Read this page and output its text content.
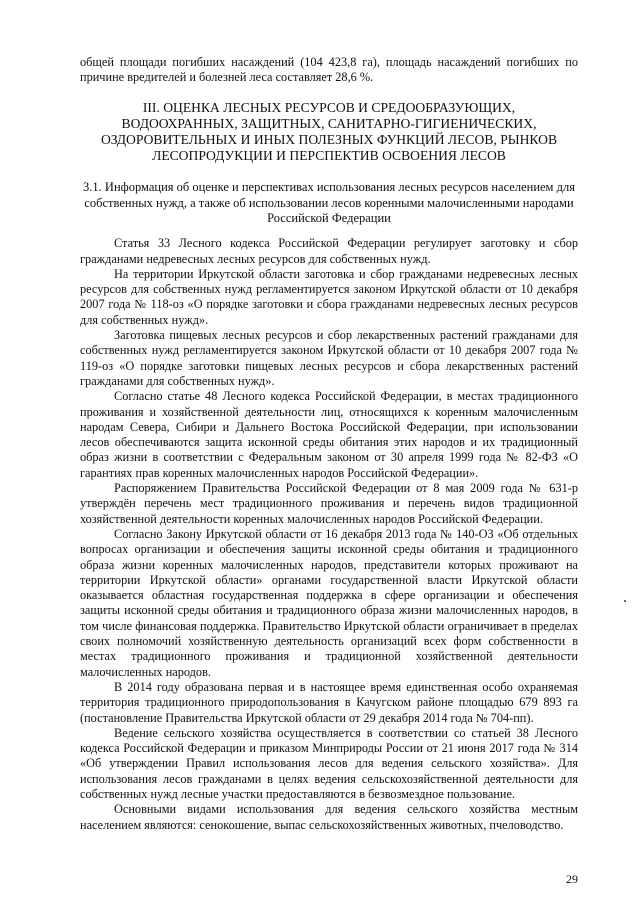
общей площади погибших насаждений (104 423,8 га), площадь насаждений погибших по причине вредителей и болезней леса составляет 28,6 %.

III. ОЦЕНКА ЛЕСНЫХ РЕСУРСОВ И СРЕДООБРАЗУЮЩИХ, ВОДООХРАННЫХ, ЗАЩИТНЫХ, САНИТАРНО-ГИГИЕНИЧЕСКИХ, ОЗДОРОВИТЕЛЬНЫХ И ИНЫХ ПОЛЕЗНЫХ ФУНКЦИЙ ЛЕСОВ, РЫНКОВ ЛЕСОПРОДУКЦИИ И ПЕРСПЕКТИВ ОСВОЕНИЯ ЛЕСОВ

3.1. Информация об оценке и перспективах использования лесных ресурсов населением для собственных нужд, а также об использовании лесов коренными малочисленными народами Российской Федерации

Статья 33 Лесного кодекса Российской Федерации регулирует заготовку и сбор гражданами недревесных лесных ресурсов для собственных нужд.

На территории Иркутской области заготовка и сбор гражданами недревесных лесных ресурсов для собственных нужд регламентируется законом Иркутской области от 10 декабря 2007 года № 118-оз «О порядке заготовки и сбора гражданами недревесных лесных ресурсов для собственных нужд».

Заготовка пищевых лесных ресурсов и сбор лекарственных растений гражданами для собственных нужд регламентируется законом Иркутской области от 10 декабря 2007 года № 119-оз «О порядке заготовки пищевых лесных ресурсов и сбора лекарственных растений гражданами для собственных нужд».

Согласно статье 48 Лесного кодекса Российской Федерации, в местах традиционного проживания и хозяйственной деятельности лиц, относящихся к коренным малочисленным народам Севера, Сибири и Дальнего Востока Российской Федерации, при использовании лесов обеспечиваются защита исконной среды обитания этих народов и их традиционный образ жизни в соответствии с Федеральным законом от 30 апреля 1999 года № 82-ФЗ «О гарантиях прав коренных малочисленных народов Российской Федерации».

Распоряжением Правительства Российской Федерации от 8 мая 2009 года № 631-р утверждён перечень мест традиционного проживания и перечень видов традиционной хозяйственной деятельности коренных малочисленных народов Российской Федерации.

Согласно Закону Иркутской области от 16 декабря 2013 года № 140-ОЗ «Об отдельных вопросах организации и обеспечения защиты исконной среды обитания и традиционного образа жизни коренных малочисленных народов, представители которых проживают на территории Иркутской области» органами государственной власти Иркутской области оказывается областная государственная поддержка в сфере организации и обеспечения защиты исконной среды обитания и традиционного образа жизни малочисленных народов, в том числе финансовая поддержка. Правительство Иркутской области ограничивает в пределах своих полномочий хозяйственную деятельность организаций всех форм собственности в местах традиционного проживания и традиционной хозяйственной деятельности малочисленных народов.

В 2014 году образована первая и в настоящее время единственная особо охраняемая территория традиционного природопользования в Качугском районе площадью 679 893 га (постановление Правительства Иркутской области от 29 декабря 2014 года № 704-пп).

Ведение сельского хозяйства осуществляется в соответствии со статьей 38 Лесного кодекса Российской Федерации и приказом Минприроды России от 21 июня 2017 года № 314 «Об утверждении Правил использования лесов для ведения сельского хозяйства». Для использования лесов гражданами в целях ведения сельскохозяйственной деятельности для собственных нужд лесные участки предоставляются в безвозмездное пользование.

Основными видами использования для ведения сельского хозяйства местным населением являются: сенокошение, выпас сельскохозяйственных животных, пчеловодство.

29
